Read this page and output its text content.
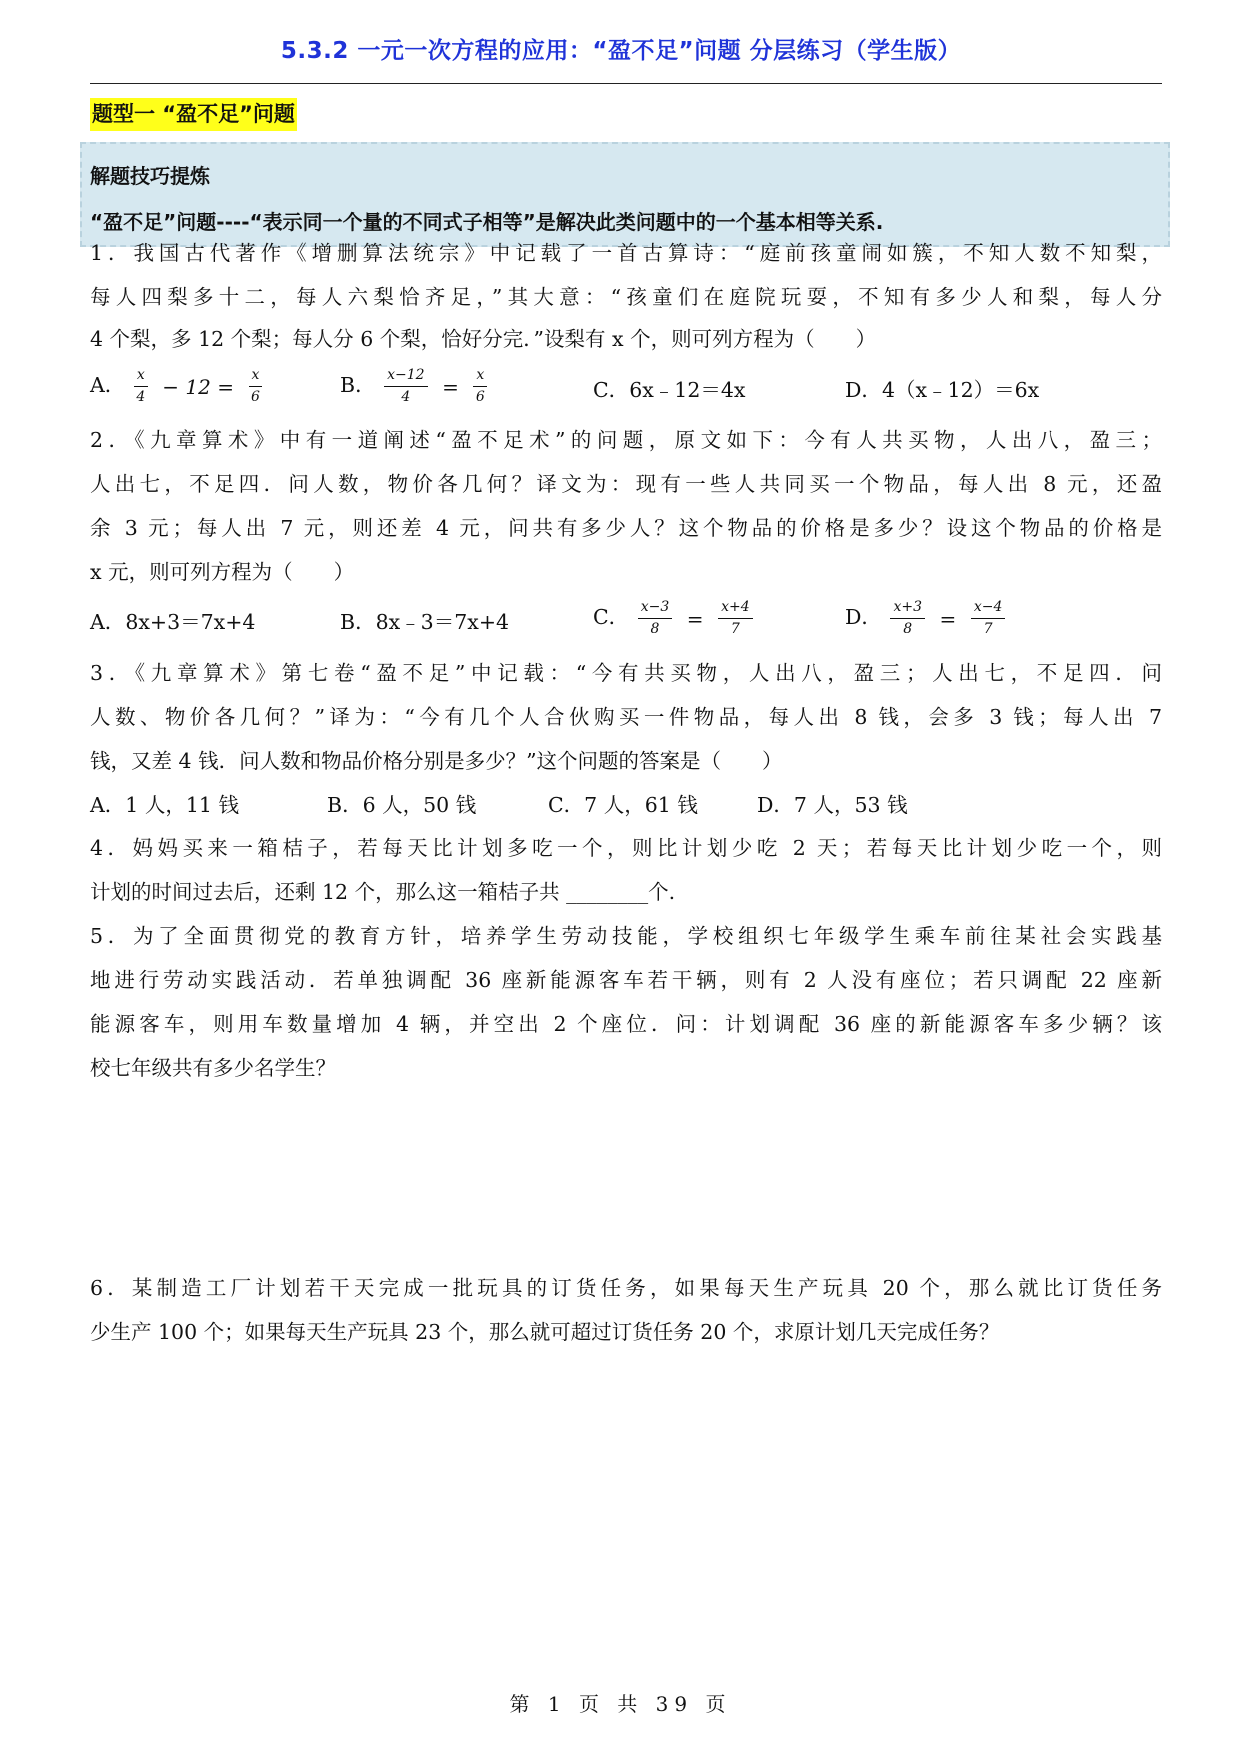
5.3.2 一元一次方程的应用：“盈不足”问题 分层练习（学生版）
题型一 “盈不足”问题
解题技巧提炼
“盈不足”问题----“表示同一个量的不同式子相等”是解决此类问题中的一个基本相等关系.
1．我国古代著作《增删算法统宗》中记载了一首古算诗：“庭前孩童闹如簇，不知人数不知梨，
每人四梨多十二，每人六梨恰齐足，”其大意：“孩童们在庭院玩耍，不知有多少人和梨，每人分
4 个梨，多 12 个梨；每人分 6 个梨，恰好分完．”设梨有 x 个，则可列方程为（　　）
A． $\frac{x}{4} - 12 = \frac{x}{6}$	B． $\frac{x-12}{4} = \frac{x}{6}$	C．6x﹣12＝4x	D．4（x﹣12）＝6x
2．《九章算术》中有一道阐述“盈不足术”的问题，原文如下：今有人共买物，人出八，盈三；
人出七，不足四．问人数，物价各几何？译文为：现有一些人共同买一个物品，每人出 8 元，还盈
余 3 元；每人出 7 元，则还差 4 元，问共有多少人？这个物品的价格是多少？设这个物品的价格是
x 元，则可列方程为（　　）
A．8x+3＝7x+4	B．8x﹣3＝7x+4	C． $\frac{x-3}{8} = \frac{x+4}{7}$	D． $\frac{x+3}{8} = \frac{x-4}{7}$
3．《九章算术》第七卷“盈不足”中记载：“今有共买物，人出八，盈三；人出七，不足四．问
人数、物价各几何？”译为：“今有几个人合伙购买一件物品，每人出 8 钱，会多 3 钱；每人出 7
钱，又差 4 钱．问人数和物品价格分别是多少？”这个问题的答案是（　　）
A．1 人，11 钱	B．6 人，50 钱	C．7 人，61 钱	D．7 人，53 钱
4．妈妈买来一箱桔子，若每天比计划多吃一个，则比计划少吃 2 天；若每天比计划少吃一个，则
计划的时间过去后，还剩 12 个，那么这一箱桔子共 ________个.
5．为了全面贯彻党的教育方针，培养学生劳动技能，学校组织七年级学生乘车前往某社会实践基
地进行劳动实践活动．若单独调配 36 座新能源客车若干辆，则有 2 人没有座位；若只调配 22 座新
能源客车，则用车数量增加 4 辆，并空出 2 个座位．问：计划调配 36 座的新能源客车多少辆？该
校七年级共有多少名学生？
6．某制造工厂计划若干天完成一批玩具的订货任务，如果每天生产玩具 20 个，那么就比订货任务
少生产 100 个；如果每天生产玩具 23 个，那么就可超过订货任务 20 个，求原计划几天完成任务？
第 1 页 共 39 页
